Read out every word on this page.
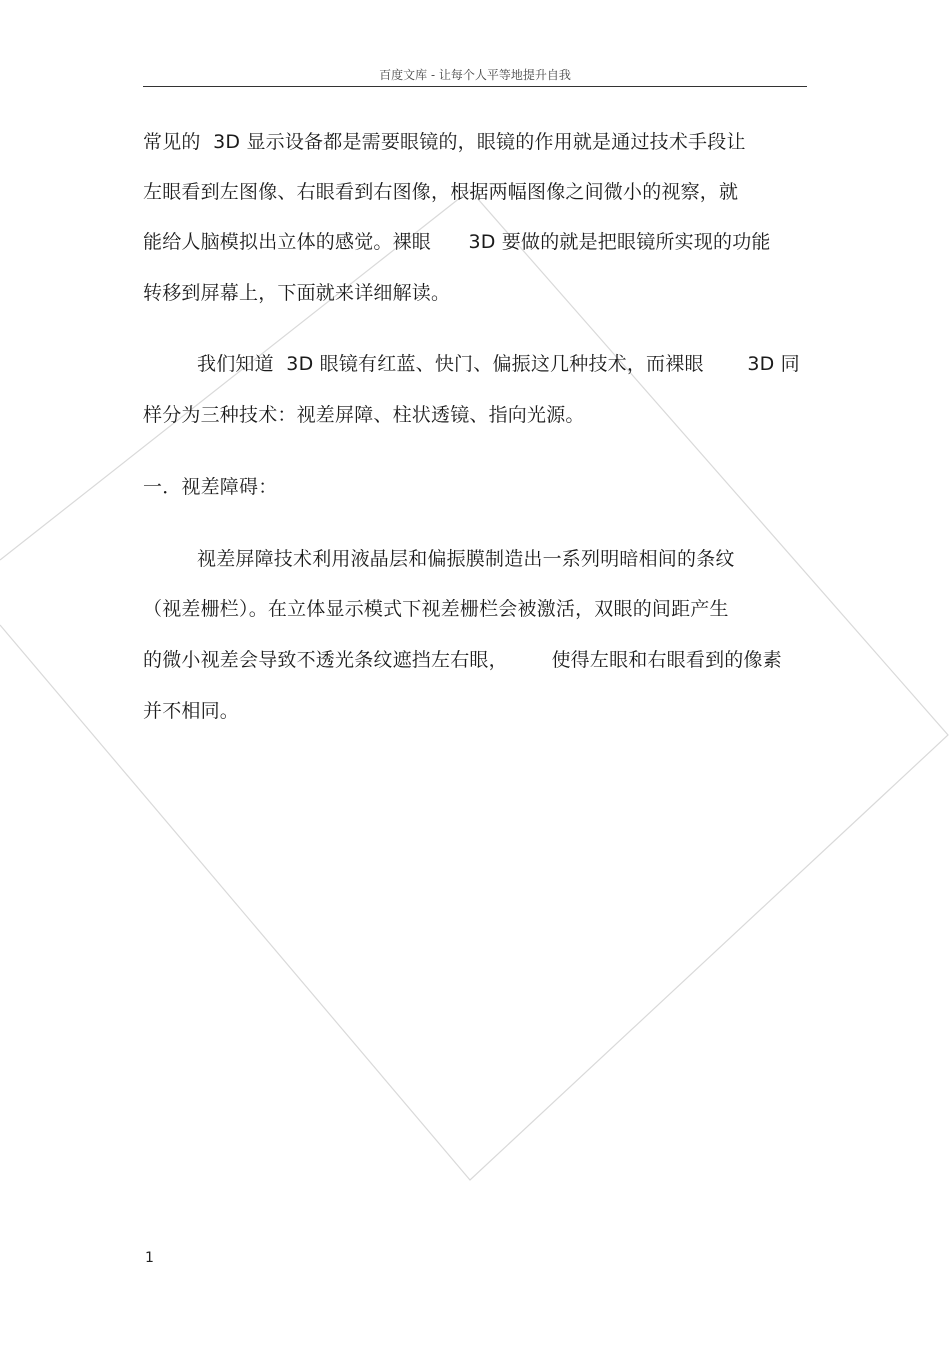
百度文库 - 让每个人平等地提升自我
常见的  3D 显示设备都是需要眼镜的，眼镜的作用就是通过技术手段让
左眼看到左图像、右眼看到右图像，根据两幅图像之间微小的视察，就
能给人脑模拟出立体的感觉。裸眼      3D 要做的就是把眼镜所实现的功能
转移到屏幕上，下面就来详细解读。
我们知道  3D 眼镜有红蓝、快门、偏振这几种技术，而裸眼       3D 同
样分为三种技术：视差屏障、柱状透镜、指向光源。
一．视差障碍：
视差屏障技术利用液晶层和偏振膜制造出一系列明暗相间的条纹
（视差栅栏）。在立体显示模式下视差栅栏会被激活，双眼的间距产生
的微小视差会导致不透光条纹遮挡左右眼，       使得左眼和右眼看到的像素
并不相同。
1
